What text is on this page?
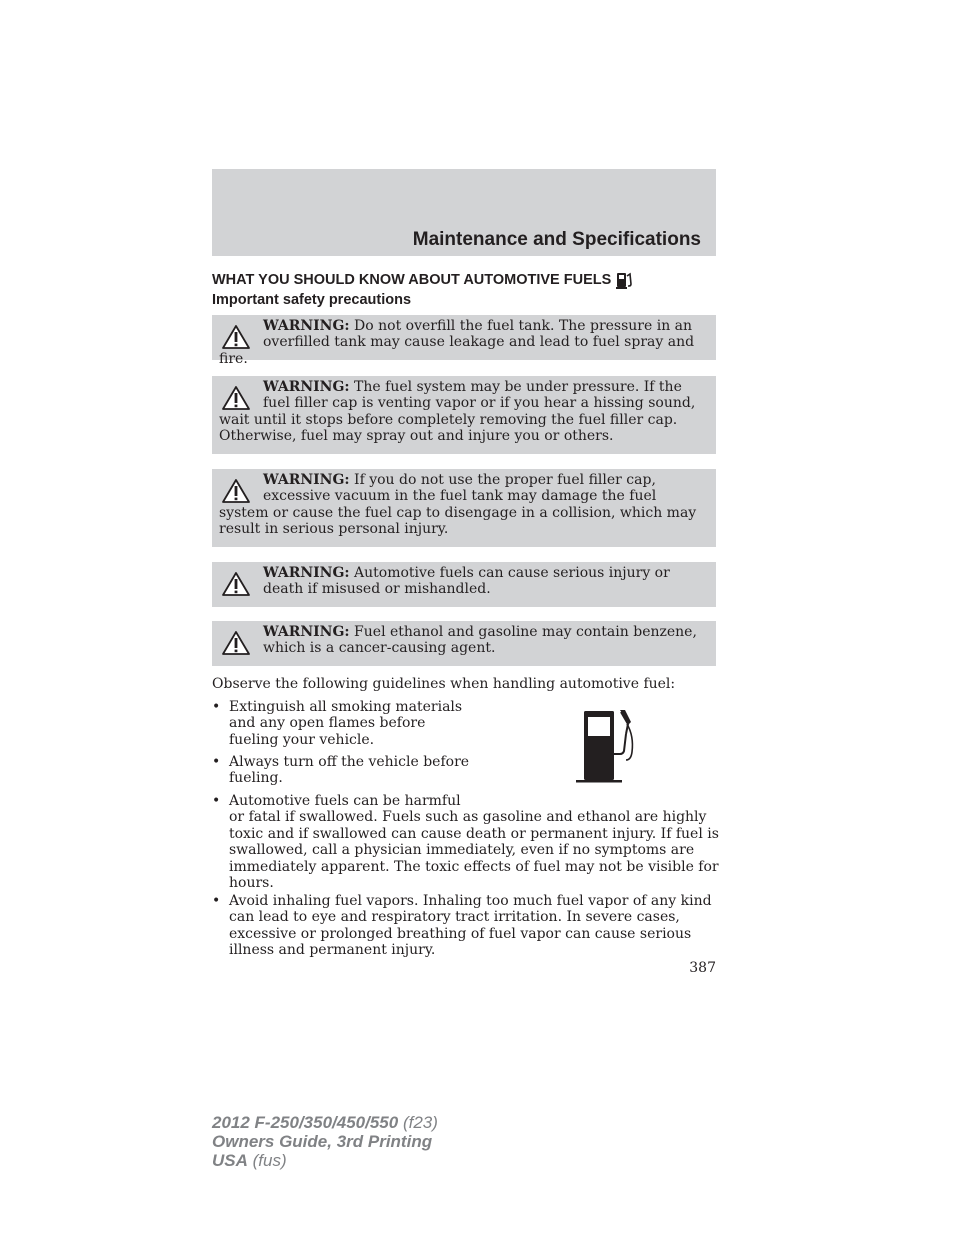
Maintenance and Specifications
WHAT YOU SHOULD KNOW ABOUT AUTOMOTIVE FUELS
Important safety precautions
WARNING: Do not overfill the fuel tank. The pressure in an overfilled tank may cause leakage and lead to fuel spray and fire.
WARNING: The fuel system may be under pressure. If the fuel filler cap is venting vapor or if you hear a hissing sound, wait until it stops before completely removing the fuel filler cap. Otherwise, fuel may spray out and injure you or others.
WARNING: If you do not use the proper fuel filler cap, excessive vacuum in the fuel tank may damage the fuel system or cause the fuel cap to disengage in a collision, which may result in serious personal injury.
WARNING: Automotive fuels can cause serious injury or death if misused or mishandled.
WARNING: Fuel ethanol and gasoline may contain benzene, which is a cancer-causing agent.
Observe the following guidelines when handling automotive fuel:
• Extinguish all smoking materials
and any open flames before
fueling your vehicle.
• Always turn off the vehicle before
fueling.
• Automotive fuels can be harmful
or fatal if swallowed. Fuels such as gasoline and ethanol are highly
toxic and if swallowed can cause death or permanent injury. If fuel is
swallowed, call a physician immediately, even if no symptoms are
immediately apparent. The toxic effects of fuel may not be visible for
hours.
• Avoid inhaling fuel vapors. Inhaling too much fuel vapor of any kind
can lead to eye and respiratory tract irritation. In severe cases,
excessive or prolonged breathing of fuel vapor can cause serious
illness and permanent injury.
387
2012 F-250/350/450/550 (f23)
Owners Guide, 3rd Printing
USA (fus)
